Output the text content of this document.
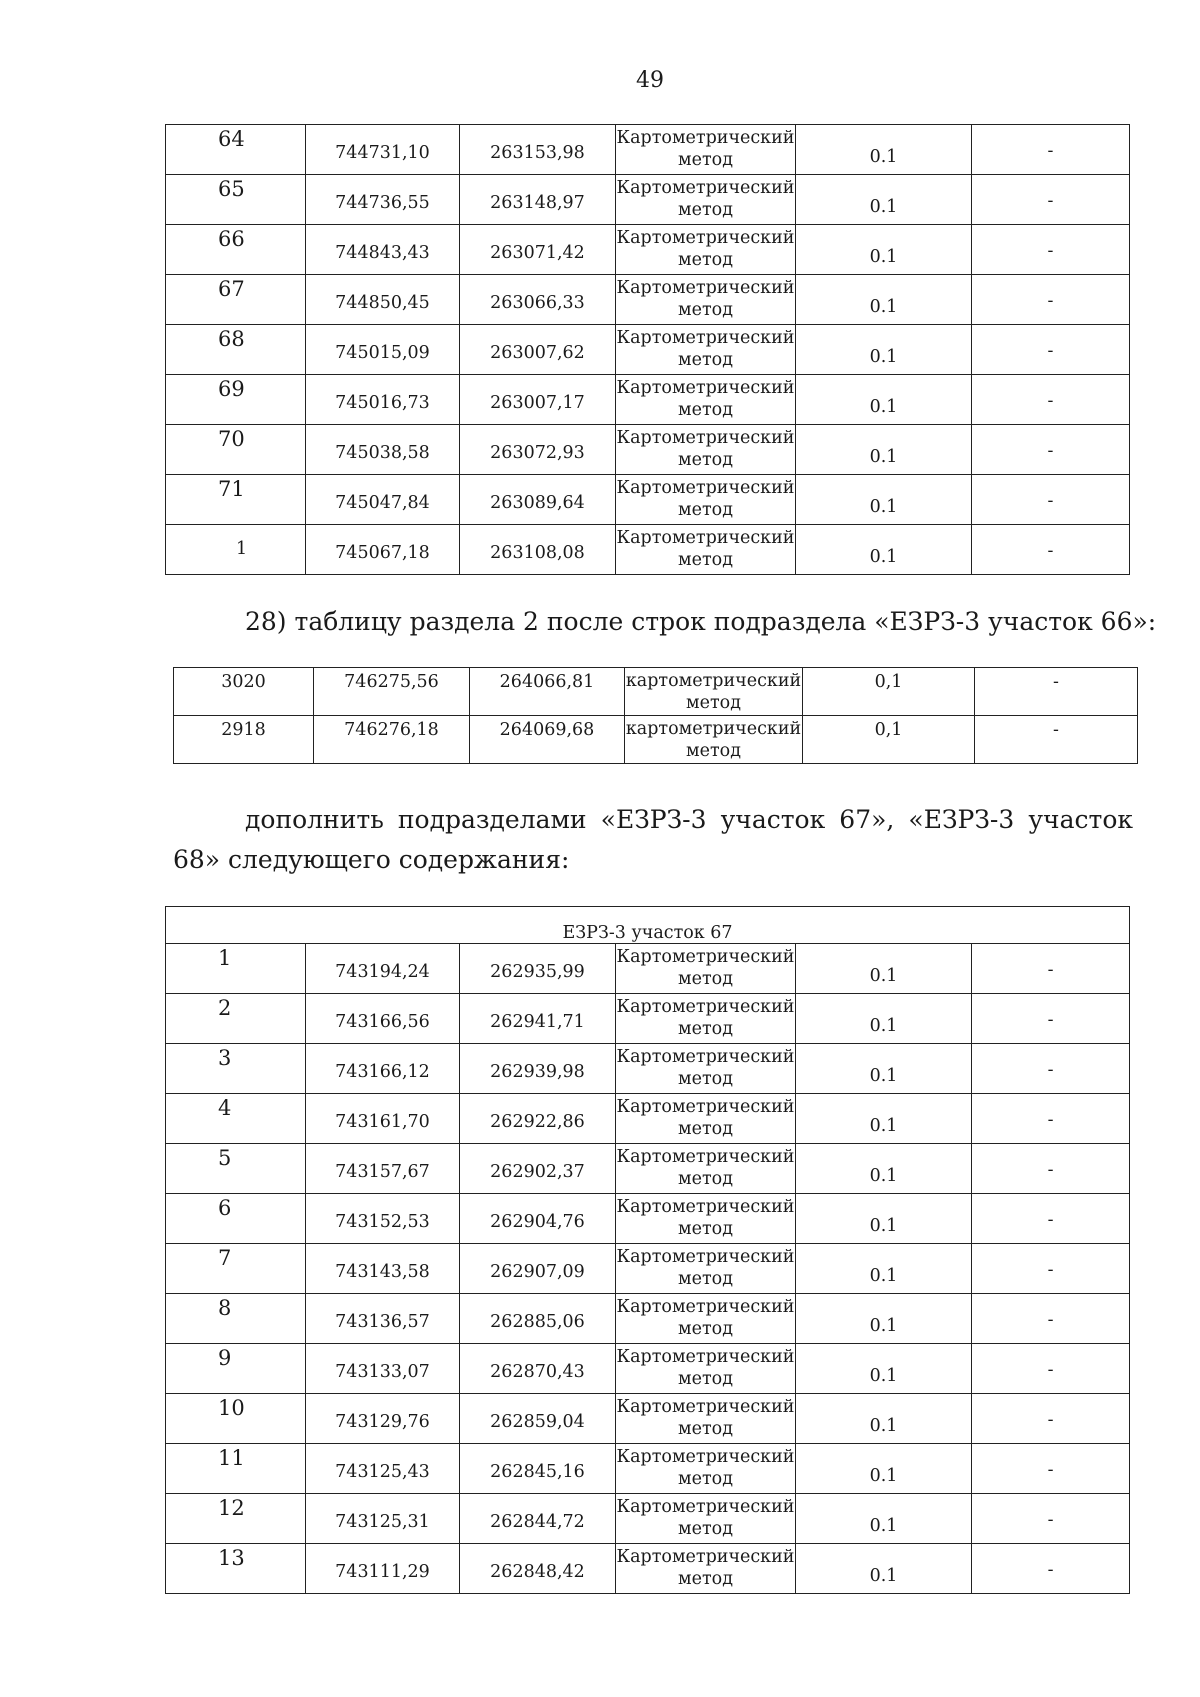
49
64	744731,10	263153,98	Картометрический метод	0.1	-
65	744736,55	263148,97	Картометрический метод	0.1	-
66	744843,43	263071,42	Картометрический метод	0.1	-
67	744850,45	263066,33	Картометрический метод	0.1	-
68	745015,09	263007,62	Картометрический метод	0.1	-
69	745016,73	263007,17	Картометрический метод	0.1	-
70	745038,58	263072,93	Картометрический метод	0.1	-
71	745047,84	263089,64	Картометрический метод	0.1	-
1	745067,18	263108,08	Картометрический метод	0.1	-
28) таблицу раздела 2 после строк подраздела «ЕЗРЗ-3 участок 66»:
3020	746275,56	264066,81	картометрический метод	0,1	-
2918	746276,18	264069,68	картометрический метод	0,1	-
дополнить подразделами «ЕЗРЗ-3 участок 67», «ЕЗРЗ-3 участок 68» следующего содержания:
ЕЗРЗ-3 участок 67					
1	743194,24	262935,99	Картометрический метод	0.1	-
2	743166,56	262941,71	Картометрический метод	0.1	-
3	743166,12	262939,98	Картометрический метод	0.1	-
4	743161,70	262922,86	Картометрический метод	0.1	-
5	743157,67	262902,37	Картометрический метод	0.1	-
6	743152,53	262904,76	Картометрический метод	0.1	-
7	743143,58	262907,09	Картометрический метод	0.1	-
8	743136,57	262885,06	Картометрический метод	0.1	-
9	743133,07	262870,43	Картометрический метод	0.1	-
10	743129,76	262859,04	Картометрический метод	0.1	-
11	743125,43	262845,16	Картометрический метод	0.1	-
12	743125,31	262844,72	Картометрический метод	0.1	-
13	743111,29	262848,42	Картометрический метод	0.1	-
